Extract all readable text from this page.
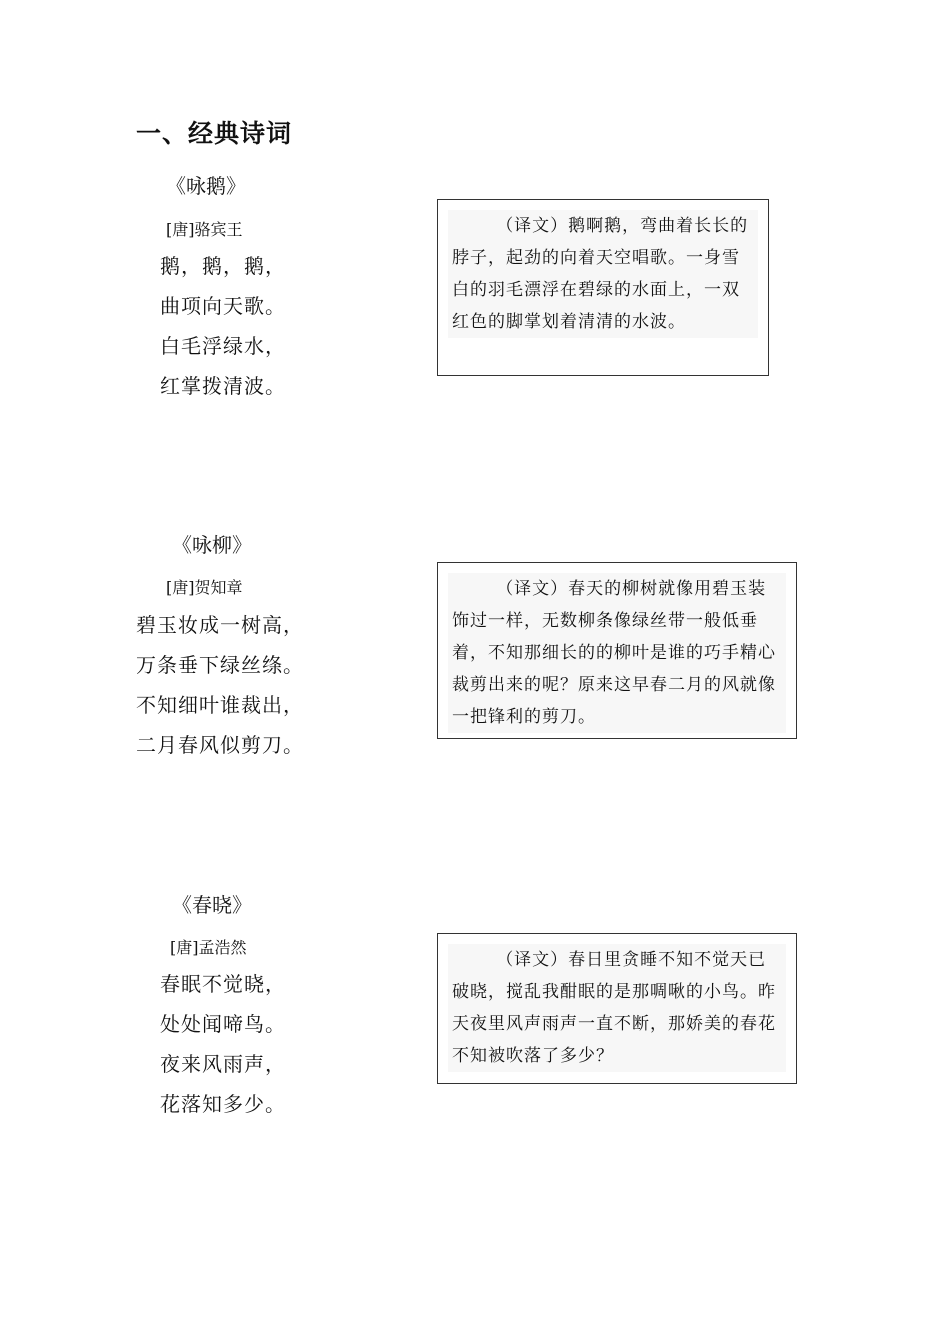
一、经典诗词
《咏鹅》
[唐]骆宾王
鹅，鹅，鹅，
曲项向天歌。
白毛浮绿水，
红掌拨清波。
（译文）鹅啊鹅，弯曲着长长的脖子，起劲的向着天空唱歌。一身雪白的羽毛漂浮在碧绿的水面上，一双红色的脚掌划着清清的水波。
《咏柳》
[唐]贺知章
碧玉妆成一树高，
万条垂下绿丝绦。
不知细叶谁裁出，
二月春风似剪刀。
（译文）春天的柳树就像用碧玉装饰过一样，无数柳条像绿丝带一般低垂着，不知那细长的的柳叶是谁的巧手精心裁剪出来的呢？原来这早春二月的风就像一把锋利的剪刀。
《春晓》
[唐]孟浩然
春眠不觉晓，
处处闻啼鸟。
夜来风雨声，
花落知多少。
（译文）春日里贪睡不知不觉天已破晓，搅乱我酣眠的是那啁啾的小鸟。昨天夜里风声雨声一直不断，那娇美的春花不知被吹落了多少？
